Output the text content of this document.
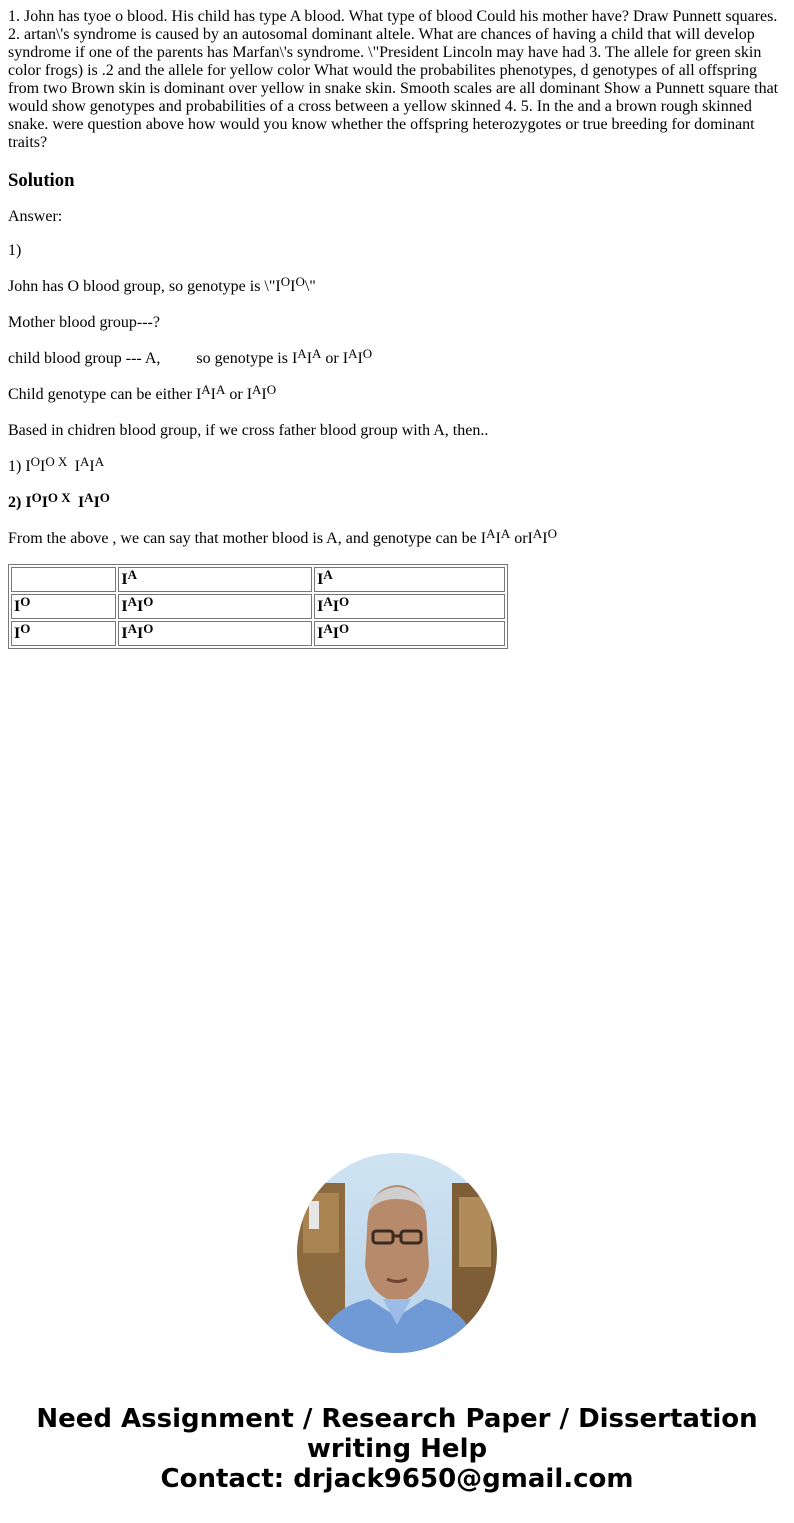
1. John has tyoe o blood. His child has type A blood. What type of blood Could his mother have? Draw Punnett squares. 2. artan\'s syndrome is caused by an autosomal dominant altele. What are chances of having a child that will develop syndrome if one of the parents has Marfan\'s syndrome. \"President Lincoln may have had 3. The allele for green skin color frogs) is .2 and the allele for yellow color What would the probabilites phenotypes, d genotypes of all offspring from two Brown skin is dominant over yellow in snake skin. Smooth scales are all dominant Show a Punnett square that would show genotypes and probabilities of a cross between a yellow skinned 4. 5. In the and a brown rough skinned snake. were question above how would you know whether the offspring heterozygotes or true breeding for dominant traits?

Solution

Answer:

1)

John has O blood group, so genotype is $\backslash"I^OI^O\backslash$"

Mother blood group---?

child blood group --- A,         so genotype is $I^AI^A$ or $I^AI^O$

Child genotype can be either $I^AI^A$ or $I^AI^O$

Based in chidren blood group, if we cross father blood group with A, then..

1) $I^OI^{O X}$  $I^AI^A$

2) $I^OI^{O X}$  $I^AI^O$

From the above , we can say that mother blood is A, and genotype can be $I^AI^A$ $orI^AI^O$

	$I^A$	$I^A$
$I^O$	$I^AI^O$	$I^AI^O$
$I^O$	$I^AI^O$	$I^AI^O$
Need Assignment / Research Paper / Dissertation
writing Help
Contact: drjack9650@gmail.com
